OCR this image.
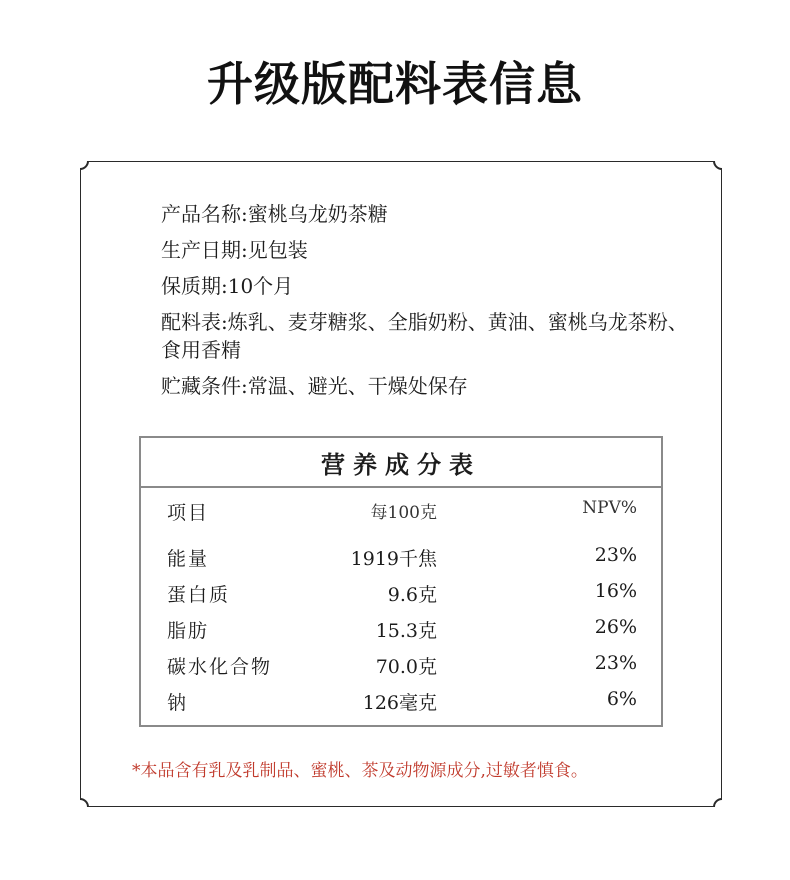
升级版配料表信息
产品名称:蜜桃乌龙奶茶糖
生产日期:见包装
保质期:10个月
配料表:炼乳、麦芽糖浆、全脂奶粉、黄油、蜜桃乌龙茶粉、食用香精
贮藏条件:常温、避光、干燥处保存
营养成分表
项目	每100克	NPV%
能量	1919千焦	23%
蛋白质	9.6克	16%
脂肪	15.3克	26%
碳水化合物	70.0克	23%
钠	126毫克	6%
*本品含有乳及乳制品、蜜桃、茶及动物源成分,过敏者慎食。
